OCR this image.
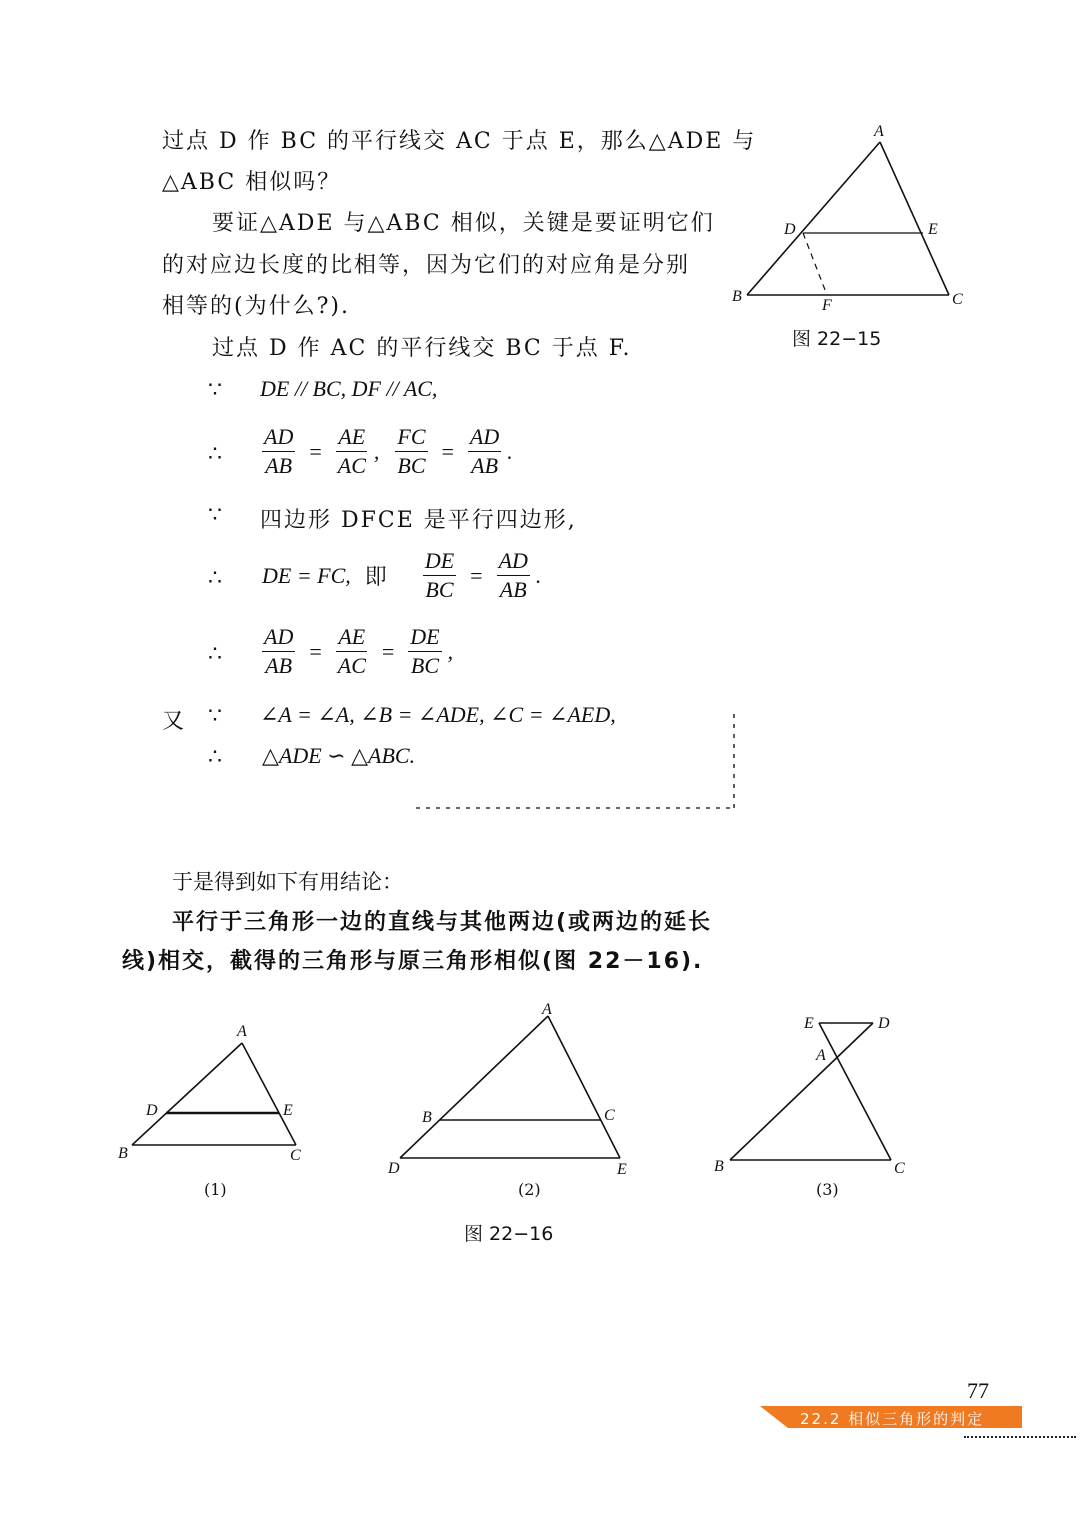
过点 D 作 BC 的平行线交 AC 于点 E，那么△ADE 与
△ABC 相似吗？
要证△ADE 与△ABC 相似，关键是要证明它们
的对应边长度的比相等，因为它们的对应角是分别
相等的(为什么?).
过点 D 作 AC 的平行线交 BC 于点 F.
A
B	C
D	E
F
图 22−15
∵ DE // BC, DF // AC,
∴ $\frac{AD}{AB} = \frac{AE}{AC}$ , $\frac{FC}{BC} = \frac{AD}{AB}$ .
∵ 四边形 DFCE 是平行四边形,
∴ DE = FC, 即 $\frac{DE}{BC} = \frac{AD}{AB}$ .
∴ $\frac{AD}{AB} = \frac{AE}{AC} = \frac{DE}{BC}$ ,
又 ∵ ∠A = ∠A, ∠B = ∠ADE, ∠C = ∠AED,
∴ △ADE ∽ △ABC.
于是得到如下有用结论：
平行于三角形一边的直线与其他两边(或两边的延长
线)相交，截得的三角形与原三角形相似(图 22－16).
A
B	C
D	E
(1)
A
B	C
D	E
(2)
E	D
A
B	C
(3)
图 22−16
77
22.2 相似三角形的判定
